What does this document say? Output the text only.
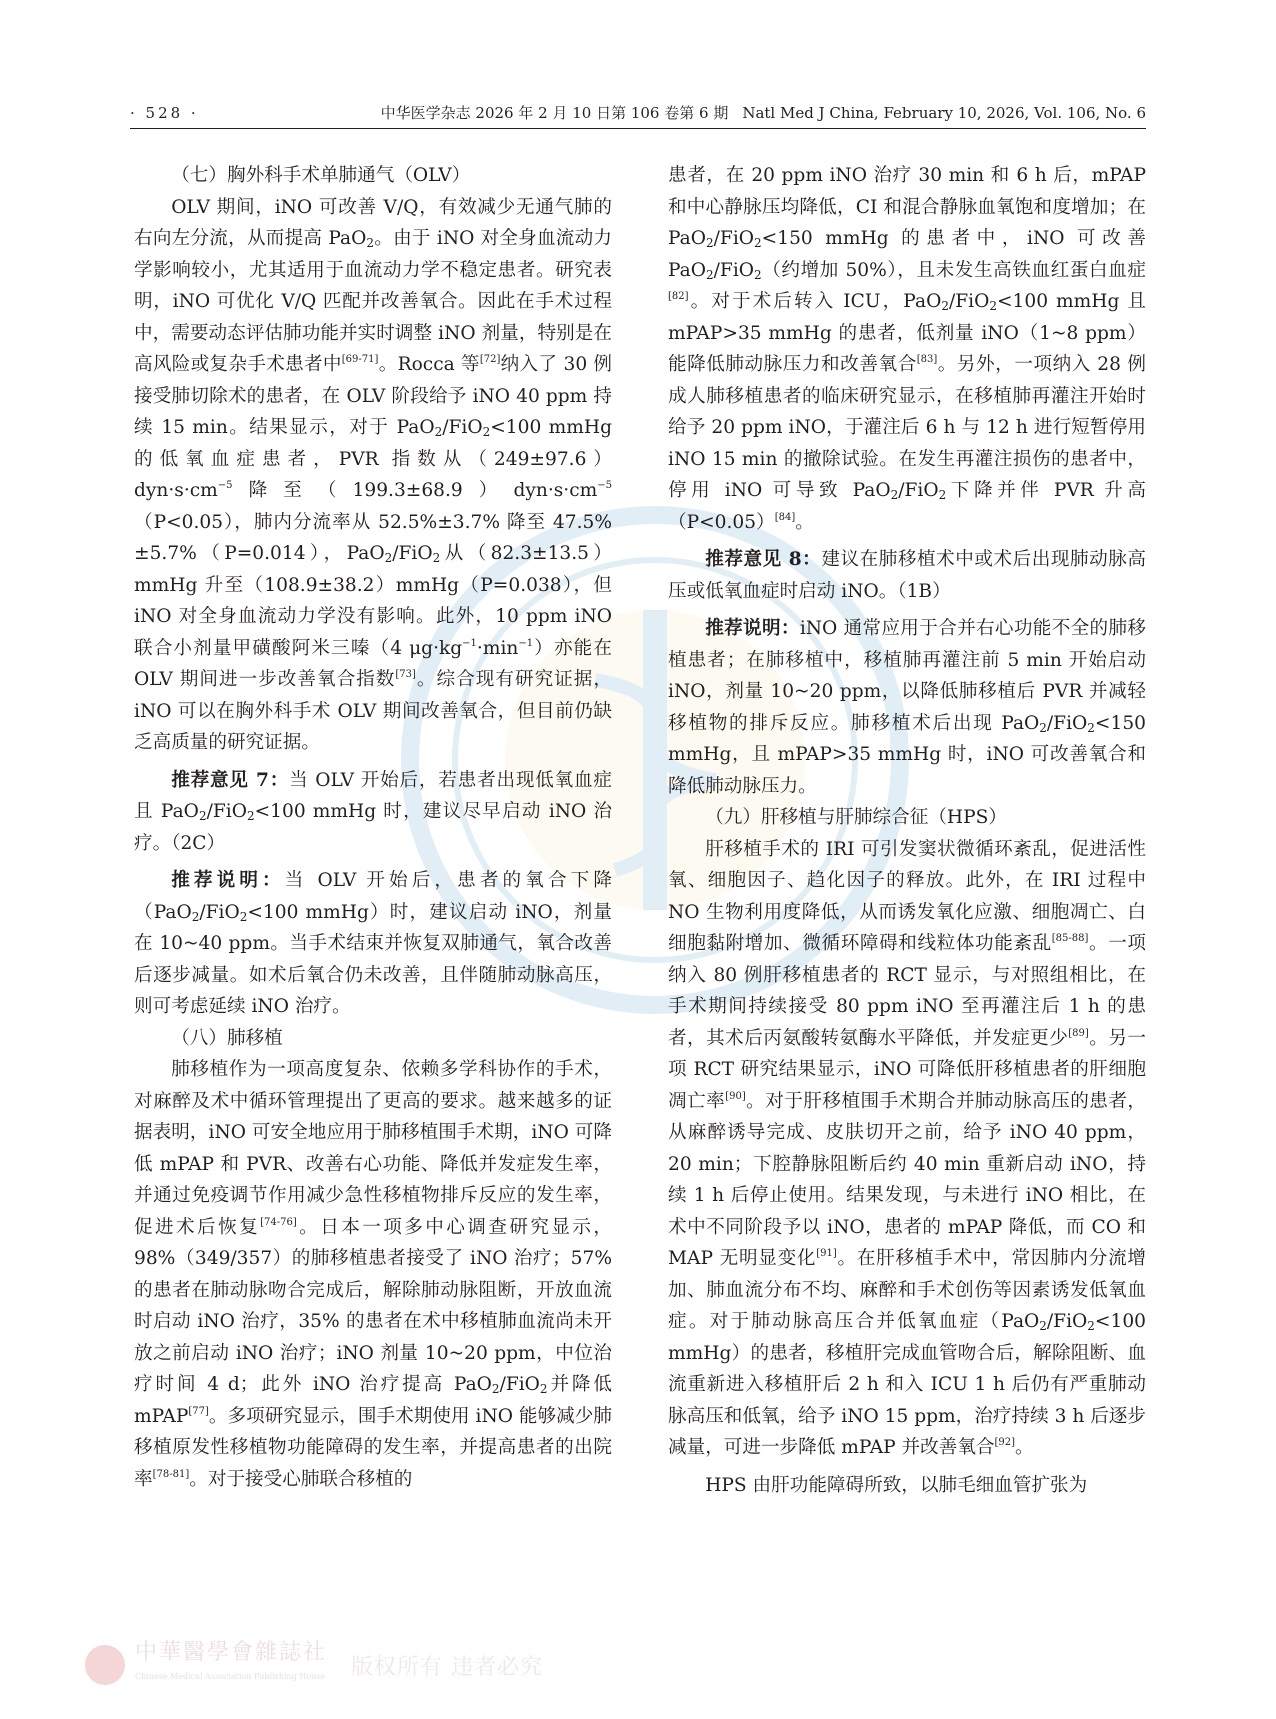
· 528 ·	中华医学杂志 2026 年 2 月 10 日第 106 卷第 6 期 Natl Med J China, February 10, 2026, Vol. 106, No. 6

（七）胸外科手术单肺通气（OLV）

OLV 期间，iNO 可改善 V/Q，有效减少无通气肺的右向左分流，从而提高 PaO$_2$。由于 iNO 对全身血流动力学影响较小，尤其适用于血流动力学不稳定患者。研究表明，iNO 可优化 V/Q 匹配并改善氧合。因此在手术过程中，需要动态评估肺功能并实时调整 iNO 剂量，特别是在高风险或复杂手术患者中[69-71]。Rocca 等[72]纳入了 30 例接受肺切除术的患者，在 OLV 阶段给予 iNO 40 ppm 持续 15 min。结果显示，对于 PaO$_2$/FiO$_2$<100 mmHg 的低氧血症患者，PVR 指数从$(249\pm 97.6)dyn\cdot s\cdot cm^{-5}$降至$(199.3\pm 68.9)dyn\cdot s\cdot cm^{-5}(P<0.05)$，肺内分流率从 52.5%±3.7% 降至 47.5%±5.7%（P=0.014），PaO$_2$/FiO$_2$从（82.3±13.5）mmHg 升至（108.9±38.2）mmHg（P=0.038），但 iNO 对全身血流动力学没有影响。此外，10 ppm iNO 联合小剂量甲磺酸阿米三嗪（4 $\mu g\cdot kg^{-1}\cdot\min^{-1}$）亦能在 OLV 期间进一步改善氧合指数[73]。综合现有研究证据，iNO 可以在胸外科手术 OLV 期间改善氧合，但目前仍缺乏高质量的研究证据。

推荐意见 7：当 OLV 开始后，若患者出现低氧血症且 PaO$_2$/FiO$_2$<100 mmHg 时，建议尽早启动 iNO 治疗。（2C）

推荐说明：当 OLV 开始后，患者的氧合下降（PaO$_2$/FiO$_2$<100 mmHg）时，建议启动 iNO，剂量在 10~40 ppm。当手术结束并恢复双肺通气，氧合改善后逐步减量。如术后氧合仍未改善，且伴随肺动脉高压，则可考虑延续 iNO 治疗。

（八）肺移植

肺移植作为一项高度复杂、依赖多学科协作的手术，对麻醉及术中循环管理提出了更高的要求。越来越多的证据表明，iNO 可安全地应用于肺移植围手术期，iNO 可降低 mPAP 和 PVR、改善右心功能、降低并发症发生率，并通过免疫调节作用减少急性移植物排斥反应的发生率，促进术后恢复[74-76]。日本一项多中心调查研究显示，98%（349/357）的肺移植患者接受了 iNO 治疗；57% 的患者在肺动脉吻合完成后，解除肺动脉阻断，开放血流时启动 iNO 治疗，35% 的患者在术中移植肺血流尚未开放之前启动 iNO 治疗；iNO 剂量 10~20 ppm，中位治疗时间 4 d；此外 iNO 治疗提高 PaO$_2$/FiO$_2$并降低 mPAP[77]。多项研究显示，围手术期使用 iNO 能够减少肺移植原发性移植物功能障碍的发生率，并提高患者的出院率[78-81]。对于接受心肺联合移植的

患者，在 20 ppm iNO 治疗 30 min 和 6 h 后，mPAP 和中心静脉压均降低，CI 和混合静脉血氧饱和度增加；在 PaO$_2$/FiO$_2$<150 mmHg 的患者中，iNO 可改善 PaO$_2$/FiO$_2$（约增加 50%），且未发生高铁血红蛋白血症[82]。对于术后转入 ICU，PaO$_2$/FiO$_2$<100 mmHg 且 mPAP>35 mmHg 的患者，低剂量 iNO（1~8 ppm）能降低肺动脉压力和改善氧合[83]。另外，一项纳入 28 例成人肺移植患者的临床研究显示，在移植肺再灌注开始时给予 20 ppm iNO，于灌注后 6 h 与 12 h 进行短暂停用 iNO 15 min 的撤除试验。在发生再灌注损伤的患者中，停用 iNO 可导致 PaO$_2$/FiO$_2$下降并伴 PVR 升高（P<0.05）[84]。

推荐意见 8：建议在肺移植术中或术后出现肺动脉高压或低氧血症时启动 iNO。（1B）

推荐说明：iNO 通常应用于合并右心功能不全的肺移植患者；在肺移植中，移植肺再灌注前 5 min 开始启动 iNO，剂量 10~20 ppm，以降低肺移植后 PVR 并减轻移植物的排斥反应。肺移植术后出现 PaO$_2$/FiO$_2$<150 mmHg，且 mPAP>35 mmHg 时，iNO 可改善氧合和降低肺动脉压力。

（九）肝移植与肝肺综合征（HPS）

肝移植手术的 IRI 可引发窦状微循环紊乱，促进活性氧、细胞因子、趋化因子的释放。此外，在 IRI 过程中 NO 生物利用度降低，从而诱发氧化应激、细胞凋亡、白细胞黏附增加、微循环障碍和线粒体功能紊乱[85-88]。一项纳入 80 例肝移植患者的 RCT 显示，与对照组相比，在手术期间持续接受 80 ppm iNO 至再灌注后 1 h 的患者，其术后丙氨酸转氨酶水平降低，并发症更少[89]。另一项 RCT 研究结果显示，iNO 可降低肝移植患者的肝细胞凋亡率[90]。对于肝移植围手术期合并肺动脉高压的患者，从麻醉诱导完成、皮肤切开之前，给予 iNO 40 ppm，20 min；下腔静脉阻断后约 40 min 重新启动 iNO，持续 1 h 后停止使用。结果发现，与未进行 iNO 相比，在术中不同阶段予以 iNO，患者的 mPAP 降低，而 CO 和 MAP 无明显变化[91]。在肝移植手术中，常因肺内分流增加、肺血流分布不均、麻醉和手术创伤等因素诱发低氧血症。对于肺动脉高压合并低氧血症（PaO$_2$/FiO$_2$<100 mmHg）的患者，移植肝完成血管吻合后，解除阻断、血流重新进入移植肝后 2 h 和入 ICU 1 h 后仍有严重肺动脉高压和低氧，给予 iNO 15 ppm，治疗持续 3 h 后逐步减量，可进一步降低 mPAP 并改善氧合[92]。

HPS 由肝功能障碍所致，以肺毛细血管扩张为

中華醫學會雜誌社
Chinese Medical Association Publishing House 版权所有 违者必究
